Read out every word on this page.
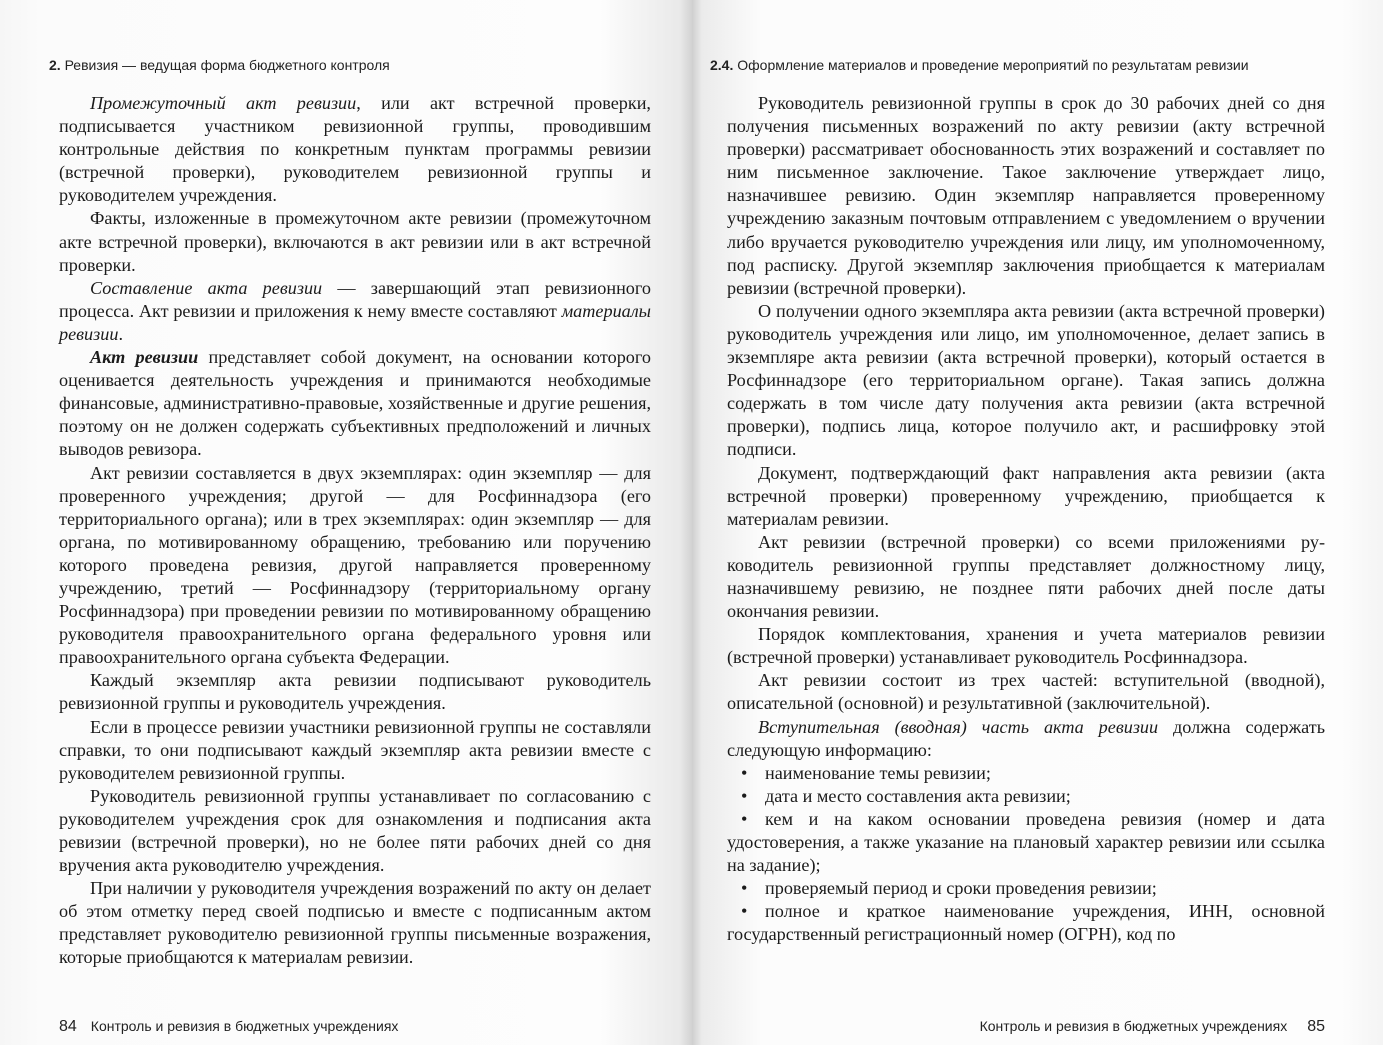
2. Ревизия — ведущая форма бюджетного контроля

Промежуточный акт ревизии, или акт встречной проверки, подписывается участником ревизионной группы, проводившим контрольные действия по конкретным пунктам программы ревизии (встречной проверки), руководителем ревизионной группы и руководителем учреждения.

Факты, изложенные в промежуточном акте ревизии (промежуточном акте встречной проверки), включаются в акт ревизии или в акт встречной проверки.

Составление акта ревизии — завершающий этап ревизионного процесса. Акт ревизии и приложения к нему вместе составляют материалы ревизии.

Акт ревизии представляет собой документ, на основании которого оценивается деятельность учреждения и принимаются необходимые финансовые, административно-правовые, хозяйственные и другие решения, поэтому он не должен содержать субъективных предположений и личных выводов ревизора.

Акт ревизии составляется в двух экземплярах: один экземпляр — для проверенного учреждения; другой — для Росфиннадзора (его территориального органа); или в трех экземплярах: один экземпляр — для органа, по мотивированному обращению, требованию или поручению которого проведена ревизия, другой направляется проверенному учреждению, третий — Росфиннадзору (территориальному органу Росфиннадзора) при проведении ревизии по мотивированному обращению руководителя правоохранительного органа федерального уровня или правоохранительного органа субъекта Федерации.

Каждый экземпляр акта ревизии подписывают руководитель ревизионной группы и руководитель учреждения.

Если в процессе ревизии участники ревизионной группы не составляли справки, то они подписывают каждый экземпляр акта ревизии вместе с руководителем ревизионной группы.

Руководитель ревизионной группы устанавливает по согласованию с руководителем учреждения срок для ознакомления и подписания акта ревизии (встречной проверки), но не более пяти рабочих дней со дня вручения акта руководителю учреждения.

При наличии у руководителя учреждения возражений по акту он делает об этом отметку перед своей подписью и вместе с подписанным актом представляет руководителю ревизионной группы письменные возражения, которые приобщаются к материалам ревизии.

84 Контроль и ревизия в бюджетных учреждениях
2.4. Оформление материалов и проведение мероприятий по результатам ревизии

Руководитель ревизионной группы в срок до 30 рабочих дней со дня получения письменных возражений по акту ревизии (акту встречной проверки) рассматривает обоснованность этих возражений и составляет по ним письменное заключение. Такое заключение утверждает лицо, назначившее ревизию. Один экземпляр направляется проверенному учреждению заказным почтовым отправлением с уведомлением о вручении либо вручается руководителю учреждения или лицу, им уполномоченному, под расписку. Другой экземпляр заключения приобщается к материалам ревизии (встречной проверки).

О получении одного экземпляра акта ревизии (акта встречной проверки) руководитель учреждения или лицо, им уполномоченное, делает запись в экземпляре акта ревизии (акта встречной проверки), который остается в Росфиннадзоре (его территориальном органе). Такая запись должна содержать в том числе дату получения акта ревизии (акта встречной проверки), подпись лица, которое получило акт, и расшифровку этой подписи.

Документ, подтверждающий факт направления акта ревизии (акта встречной проверки) проверенному учреждению, приобщается к материалам ревизии.

Акт ревизии (встречной проверки) со всеми приложениями руководитель ревизионной группы представляет должностному лицу, назначившему ревизию, не позднее пяти рабочих дней после даты окончания ревизии.

Порядок комплектования, хранения и учета материалов ревизии (встречной проверки) устанавливает руководитель Росфиннадзора.

Акт ревизии состоит из трех частей: вступительной (вводной), описательной (основной) и результативной (заключительной).

Вступительная (вводная) часть акта ревизии должна содержать следующую информацию:

• наименование темы ревизии;

• дата и место составления акта ревизии;

• кем и на каком основании проведена ревизия (номер и дата удостоверения, а также указание на плановый характер ревизии или ссылка на задание);

• проверяемый период и сроки проведения ревизии;

• полное и краткое наименование учреждения, ИНН, основной государственный регистрационный номер (ОГРН), код по

Контроль и ревизия в бюджетных учреждениях 85
